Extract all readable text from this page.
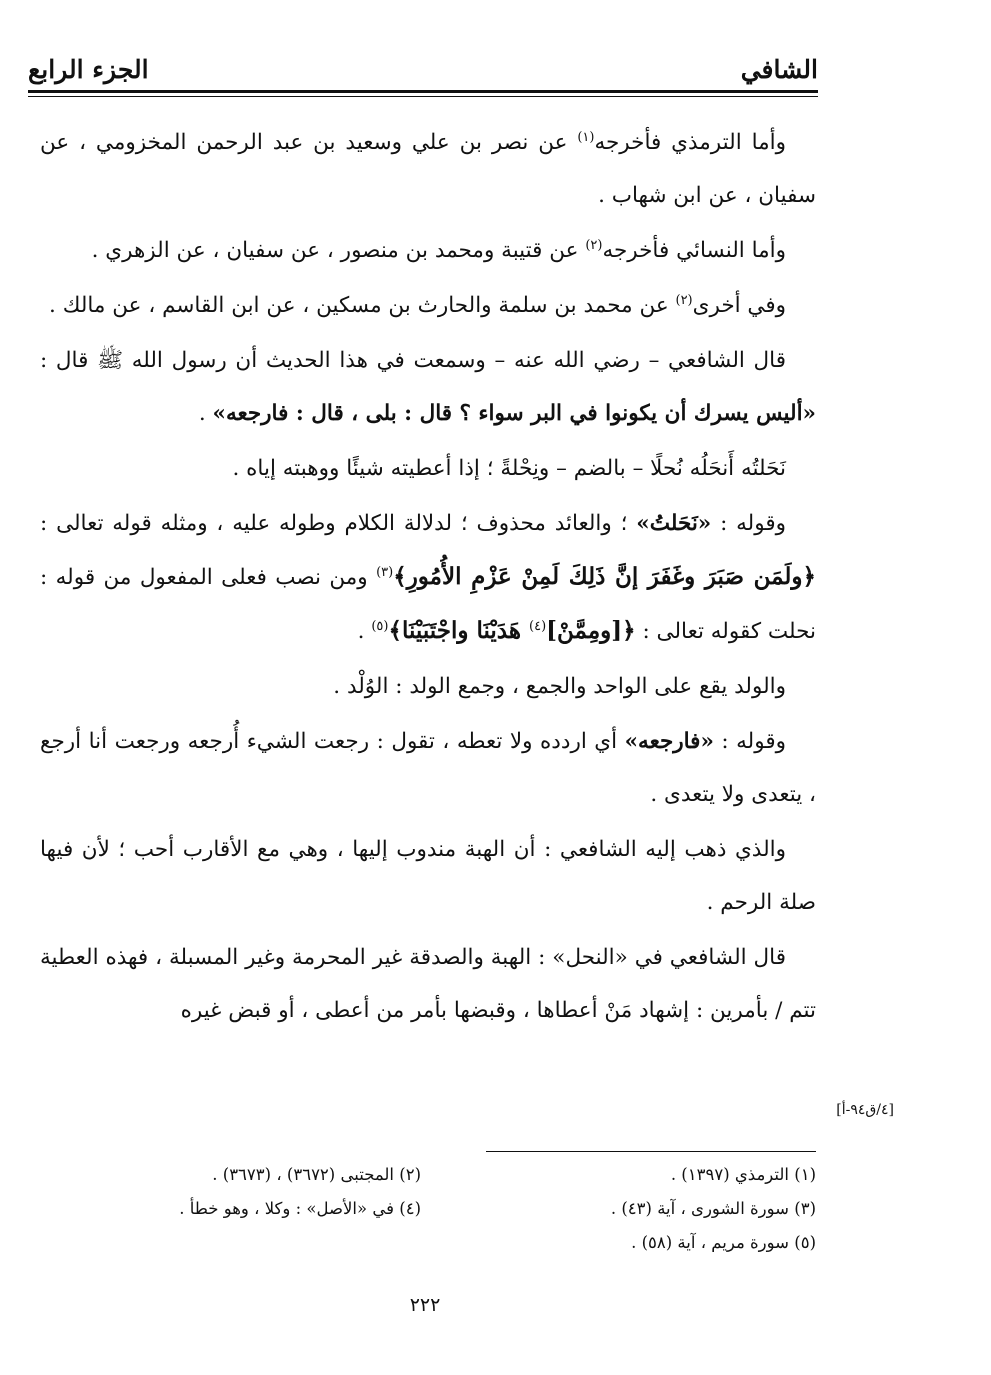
الشافي
الجزء الرابع

وأما الترمذي فأخرجه$^{(١)}$ عن نصر بن علي وسعيد بن عبد الرحمن المخزومي ، عن سفيان ، عن ابن شهاب .

وأما النسائي فأخرجه$^{(٢)}$ عن قتيبة ومحمد بن منصور ، عن سفيان ، عن الزهري .

وفي أخرى$^{(٢)}$ عن محمد بن سلمة والحارث بن مسكين ، عن ابن القاسم ، عن مالك .

قال الشافعي – رضي الله عنه – وسمعت في هذا الحديث أن رسول الله ﷺ قال : «أليس يسرك أن يكونوا في البر سواء ؟ قال : بلى ، قال : فارجعه» .

نَحَلتُه أَنحَلُه نُحلًا – بالضم – ونِحْلةً ؛ إذا أعطيته شيئًا ووهبته إياه .

وقوله : «نَحَلتُ» ؛ والعائد محذوف ؛ لدلالة الكلام وطوله عليه ، ومثله قوله تعالى : ﴿ولَمَن صَبَرَ وغَفَرَ إنَّ ذَلِكَ لَمِنْ عَزْمِ الأُمُورِ﴾$^{(٣)}$ ومن نصب فعلى المفعول من قوله : نحلت كقوله تعالى : ﴿[ومِمَّنْ]$^{(٤)}$ هَدَيْنَا واجْتَبَيْنَا﴾$^{(٥)}$ .

والولد يقع على الواحد والجمع ، وجمع الولد : الوُلْد .

وقوله : «فارجعه» أي اردده ولا تعطه ، تقول : رجعت الشيء أُرجعه ورجعت أنا أرجع ، يتعدى ولا يتعدى .

والذي ذهب إليه الشافعي : أن الهبة مندوب إليها ، وهي مع الأقارب أحب ؛ لأن فيها صلة الرحم .

قال الشافعي في «النحل» : الهبة والصدقة غير المحرمة وغير المسبلة ، فهذه العطية تتم / بأمرين : إشهاد مَنْ أعطاها ، وقبضها بأمر من أعطى ، أو قبض غيره

[٤/ق٩٤-أ]
(١) الترمذي (١٣٩٧) .
(٢) المجتبى (٣٦٧٢) ، (٣٦٧٣) .
(٣) سورة الشورى ، آية (٤٣) .
(٤) في «الأصل» : وكلا ، وهو خطأ .
(٥) سورة مريم ، آية (٥٨) .
٢٢٢
